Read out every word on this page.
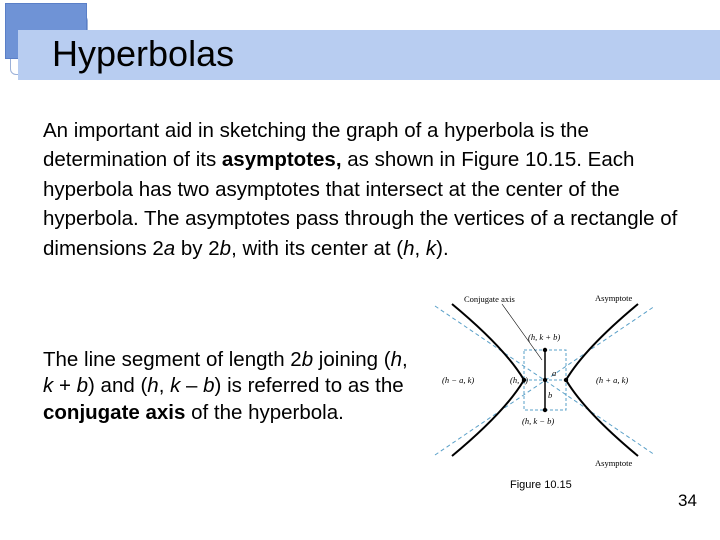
Hyperbolas
An important aid in sketching the graph of a hyperbola is the determination of its asymptotes, as shown in Figure 10.15. Each hyperbola has two asymptotes that intersect at the center of the hyperbola. The asymptotes pass through the vertices of a rectangle of dimensions 2a by 2b, with its center at (h, k).
The line segment of length 2b joining (h, k + b) and (h, k – b) is referred to as the conjugate axis of the hyperbola.
Conjugate axis	Asymptote
Asymptote
(h, k + b)
(h, k − b)
(h − a, k)	(h, k)	(h + a, k)
a
b
Figure 10.15
34
